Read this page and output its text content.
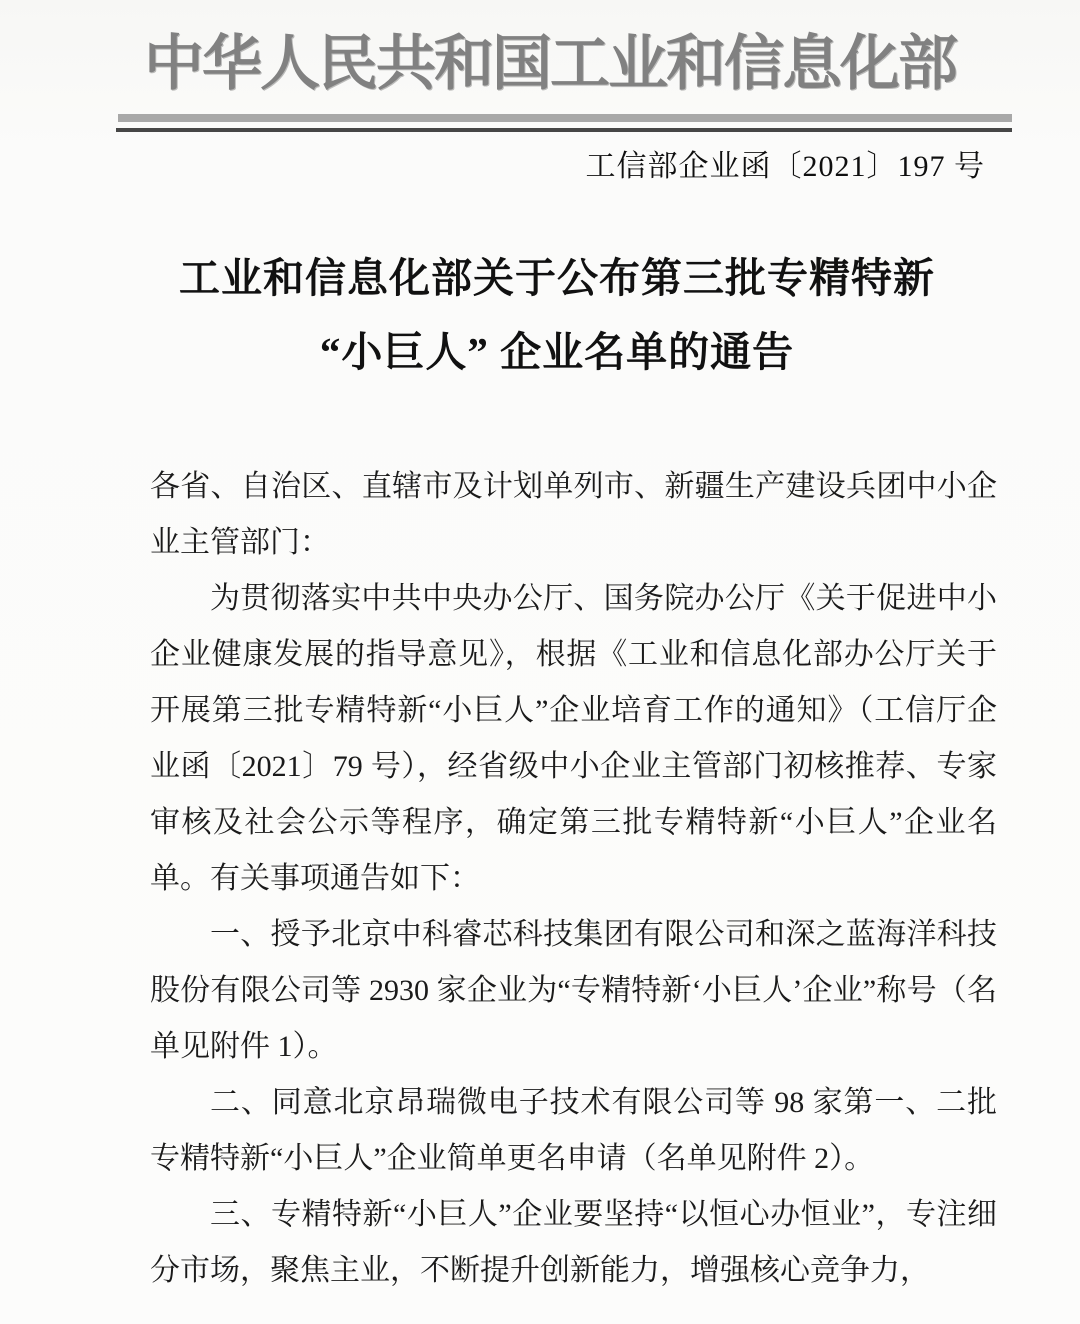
中华人民共和国工业和信息化部
工信部企业函〔2021〕197 号
工业和信息化部关于公布第三批专精特新
“小巨人” 企业名单的通告

各省、自治区、直辖市及计划单列市、新疆生产建设兵团中小企业主管部门：

为贯彻落实中共中央办公厅、国务院办公厅《关于促进中小企业健康发展的指导意见》，根据《工业和信息化部办公厅关于开展第三批专精特新“小巨人”企业培育工作的通知》（工信厅企业函〔2021〕79 号），经省级中小企业主管部门初核推荐、专家审核及社会公示等程序，确定第三批专精特新“小巨人”企业名单。有关事项通告如下：

一、授予北京中科睿芯科技集团有限公司和深之蓝海洋科技股份有限公司等 2930 家企业为“专精特新‘小巨人’企业”称号（名单见附件 1）。

二、同意北京昂瑞微电子技术有限公司等 98 家第一、二批专精特新“小巨人”企业简单更名申请（名单见附件 2）。

三、专精特新“小巨人”企业要坚持“以恒心办恒业”，专注细分市场，聚焦主业，不断提升创新能力，增强核心竞争力，
